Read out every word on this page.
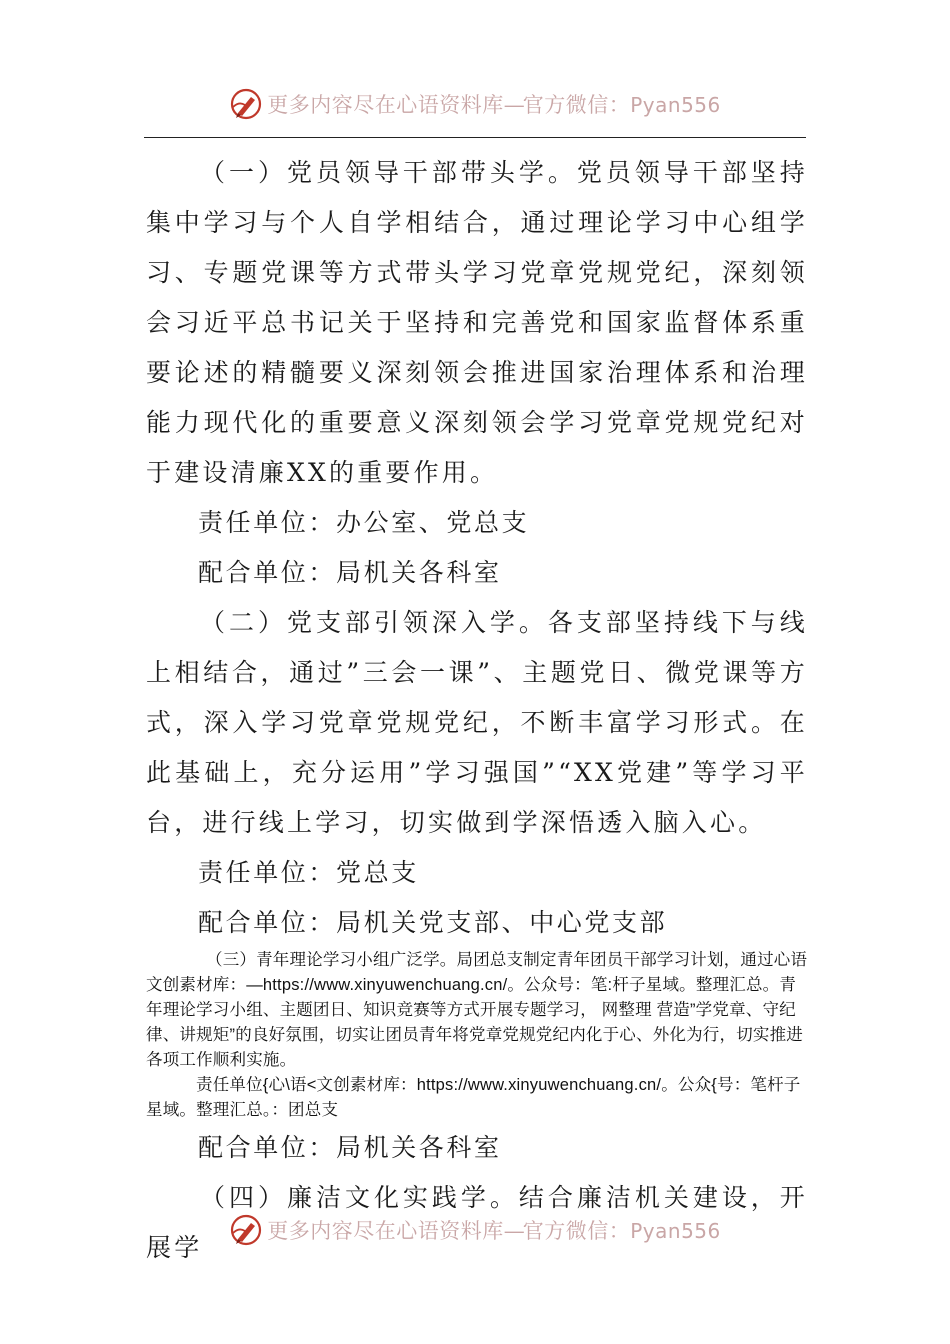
更多内容尽在心语资料库—官方微信：Pyan556

（一）党员领导干部带头学。党员领导干部坚持集中学习与个人自学相结合，通过理论学习中心组学习、专题党课等方式带头学习党章党规党纪，深刻领会习近平总书记关于坚持和完善党和国家监督体系重要论述的精髓要义深刻领会推进国家治理体系和治理能力现代化的重要意义深刻领会学习党章党规党纪对于建设清廉XX的重要作用。

责任单位：办公室、党总支

配合单位：局机关各科室

（二）党支部引领深入学。各支部坚持线下与线上相结合，通过”三会一课”、主题党日、微党课等方式，深入学习党章党规党纪，不断丰富学习形式。在此基础上，充分运用”学习强国”“XX党建”等学习平台，进行线上学习，切实做到学深悟透入脑入心。

责任单位：党总支

配合单位：局机关党支部、中心党支部

（三）青年理论学习小组广泛学。局团总支制定青年团员干部学习计划，通过心语文创素材库：—https://www.xinyuwenchuang.cn/。公众号：笔:杆子星域。整理汇总。青年理论学习小组、主题团日、知识竞赛等方式开展专题学习， 网整理 营造”学党章、守纪律、讲规矩”的良好氛围，切实让团员青年将党章党规党纪内化于心、外化为行，切实推进各项工作顺利实施。

责任单位{心\语<文创素材库：https://www.xinyuwenchuang.cn/。公众{号：笔杆子星域。整理汇总。：团总支

配合单位：局机关各科室

（四）廉洁文化实践学。结合廉洁机关建设，开展学

更多内容尽在心语资料库—官方微信：Pyan556
